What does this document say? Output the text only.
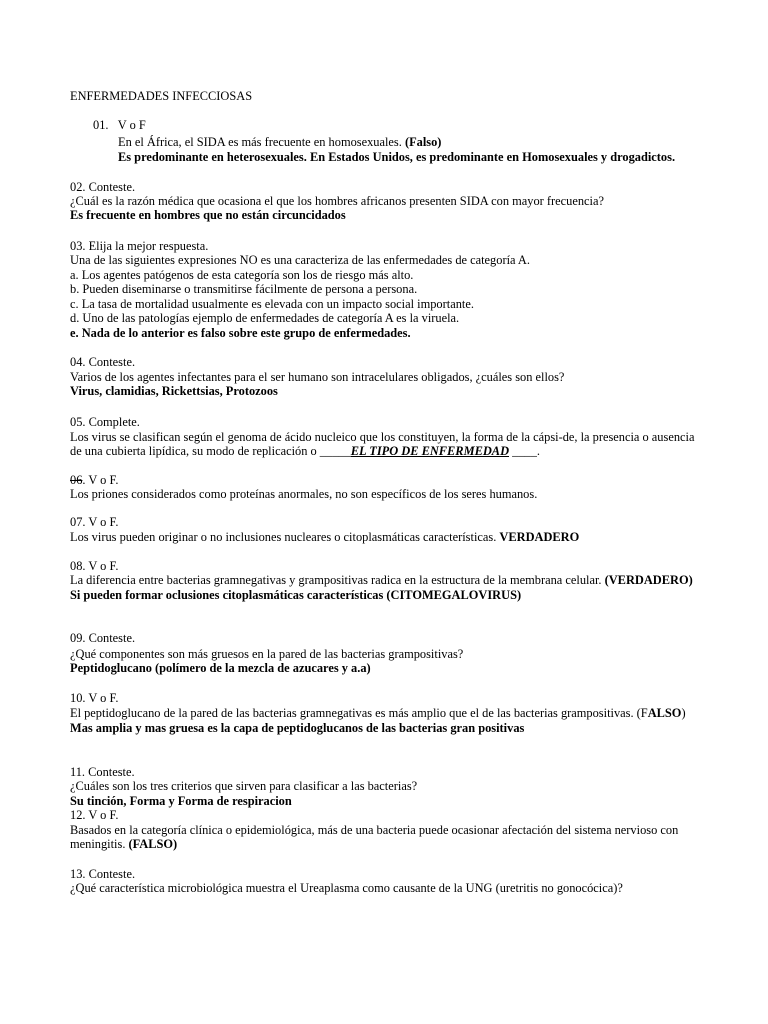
ENFERMEDADES INFECCIOSAS
01. V o F
En el África, el SIDA es más frecuente en homosexuales. (Falso)
Es predominante en heterosexuales. En Estados Unidos, es predominante en Homosexuales y drogadictos.
02. Conteste.
¿Cuál es la razón médica que ocasiona el que los hombres africanos presenten SIDA con mayor frecuencia?
Es frecuente en hombres que no están circuncidados
03. Elija la mejor respuesta.
Una de las siguientes expresiones NO es una caracteriza de las enfermedades de categoría A.
a. Los agentes patógenos de esta categoría son los de riesgo más alto.
b. Pueden diseminarse o transmitirse fácilmente de persona a persona.
c. La tasa de mortalidad usualmente es elevada con un impacto social importante.
d. Uno de las patologías ejemplo de enfermedades de categoría A es la viruela.
e. Nada de lo anterior es falso sobre este grupo de enfermedades.
04. Conteste.
Varios de los agentes infectantes para el ser humano son intracelulares obligados, ¿cuáles son ellos?
Virus, clamidias, Rickettsias, Protozoos
05. Complete.
Los virus se clasifican según el genoma de ácido nucleico que los constituyen, la forma de la cápsi-de, la presencia o ausencia
de una cubierta lipídica, su modo de replicación o _____EL TIPO DE ENFERMEDAD ____.
06. V o F.
Los priones considerados como proteínas anormales, no son específicos de los seres humanos.
07. V o F.
Los virus pueden originar o no inclusiones nucleares o citoplasmáticas características. VERDADERO
08. V o F.
La diferencia entre bacterias gramnegativas y grampositivas radica en la estructura de la membrana celular. (VERDADERO)
Si pueden formar oclusiones citoplasmáticas características (CITOMEGALOVIRUS)
09. Conteste.
¿Qué componentes son más gruesos en la pared de las bacterias grampositivas?
Peptidoglucano (polímero de la mezcla de azucares y a.a)
10. V o F.
El peptidoglucano de la pared de las bacterias gramnegativas es más amplio que el de las bacterias grampositivas. (FALSO)
Mas amplia y mas gruesa es la capa de peptidoglucanos de las bacterias gran positivas
11. Conteste.
¿Cuáles son los tres criterios que sirven para clasificar a las bacterias?
Su tinción, Forma y Forma de respiracion
12. V o F.
Basados en la categoría clínica o epidemiológica, más de una bacteria puede ocasionar afectación del sistema nervioso con
meningitis. (FALSO)
13. Conteste.
¿Qué característica microbiológica muestra el Ureaplasma como causante de la UNG (uretritis no gonocócica)?
